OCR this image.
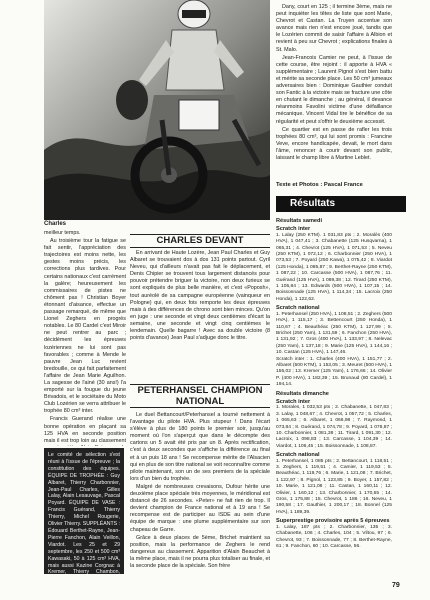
Charles

meilleur temps.

Au troisième tour la fatigue se fait sentir, l'appréciation des trajectoires est moins nette, les gestes moins précis, les corrections plus tardives. Pour certains nationaux c'est carrément la galère; heureusement les commissaires de pistes ne chôment pas ! Christian Boyer étonnant d'aisance, effectue un passage remarqué, de même que Lionel Zeghers en progrès notables. Le 80 Cardel c'est Miroir ne peut rentrer au parc ; décidément les épreuves lozériennes ne lui sont pas favorables ; comme à Mende le pauvre Jean Luc revient bredouille, ce qui fait parfaitement l'affaire de Jean Marie Aguilhon. La sagesse de l'ainé (30 ans!) l'a emporté sur la fougue du jeune Brivadois, et le sociétaire du Moto Club Lozérien se verra attribuer le trophée 80 cm³ inter.

Francis Guerand réalise une bonne opération en plaçant sa 125 HVA en seconde position mais il est trop loin au classement

Le comité de sélection s'est réuni à l'issue de l'épreuve ; la constitution des équipes. ÉQUIPE DE TROPHÉE : Guy Albaret, Thierry Charbonnier, Jean-Paul Charles, Gilles Lalay, Alain Lesauvage, Pascal Poyard. ÉQUIPE DE VASE : Francis Guérand, Thierry Thierry, Michel Rougerie, Olivier Thierry. SUPPLÉANTS : Édouard Berthet-Rayne, Jean-Pierre Fanchon, Alain Veillon, Viardot. Les 25 et 29 septembre, les 250 et 500 cm³ Kawasaki, 50 à 125 cm³ HVA, mais aussi Kazine Corgnac à Kremer, Thierry Chambon,

CHARLES DEVANT

En arrivant de Haute Lozère, Jean Paul Charles et Guy Albaret se trouvaient dos à dos 131 points partout. Cyril Neveu, qui d'ailleurs n'avait pas fait le déplacement, et Denis Chipier se trouvent tous largement distancés pour pouvoir prétendre briguer la victoire, non deux furieux se sont expliqués de plus belle manière, et c'est «Poposh», tout auréolé de sa campagne européenne (vainqueur en Pologne) qui, en deux fois remporte les deux épreuves mais à des différences de chrono sont bien minces. Qu'on en juge : une seconde et vingt deux centièmes d'écart la semaine, une seconde et vingt cinq centièmes le lendemain. Quelle bagarre ! Avec sa double victoire (8 points d'avance) Jean Paul s'adjuge donc le titre.

PETERHANSEL CHAMPION NATIONAL

Le duel Bettancourt/Peterhansel a tourné nettement à l'avantage du pilote HVA. Plus stupeur ! Dans l'écart s'élève à plus de 180 points le premier soir, jusqu'au moment où l'on s'aperçut que dans le décompte des cartons un 5 avait été pris par un 8. Après rectification, c'est à deux secondes que s'affiche la différence au final et à un puis 18 ans ! Se recompense mérite de l'Alsacien qui en plus de son titre national se voit reconnaître comme pilote maintenant, son un de ses premiers de la spéciale lors d'un bien du trophée.

Malgré de nombreuses crevaisons, Dufour hérite une deuxième place spéciale très moyennes, le méridional est distancé de 26 secondes. «Peter» ne fait rien de trop. Il devient champion de France national et à 19 ans ! Se recompense est de participer au ISDE au sein d'une équipe de marque : une plume supplémentaire sur son chapeau de Garre.

Grâce à deux places de 5ème, Brichet maintient sa position, mais la performance de Zeghers le rend dangereux au classement. Apparition d'Alain Beauchet à la même place, mais il ne pourra plus totaliser au finale, et la seconde place de la spéciale. Son frère

Dany, court en 125 ; il termine 3ème, mais ne peut inquiéter les têtes de liste que sont Marie, Chevrot et Castan. La Truyen accentue son avance mais rien n'est encore joué, tandis que le Lozérien commit de saisir l'affaire à Albion et revient à peu sur Chevrot ; explications finales à St. Malo.

Jean-Francois Camier ne peut, à l'issue de cette course, être rejoint : il apporte à HVA « supplémentaire ; Laurent Pignol s'est bien battu et mérite sa seconde place. Les 50 cm³ jumeaux adversaires bien : Dominique Gauthier conduit son Fantic à la victoire mais se fracture une côte en chutant le dimanche ; au général, il devance néanmoins Favolini victime d'une défaillance mécanique. Vincent Vidal tire le bénéfice de sa régularité et peut s'offrir le deuxième accessit.

Ce quartier est en passe de rafler les trois trophées 80 cm³, qui lui sont promis : Francine Veve, encore handicapée, devait, le mort dans l'âme, renoncer à courir devant son public, laissant le champ libre à Martine Leblet.

Texte et Photos : Pascal France
Résultats
Résultats samedi
Scratch inter
1. Lalay (250 KTM). 1 031,83 pts ; 2. Moralès (400 HVA), 1 047,41 ; 3. Chabanette (125 Husqvarna), 1 065,31 ; 4. Chevrot (125 HVA), 1 071,53 ; 5. Neveu (250 KTM), 1 072,12 ; 6. Charbonnier (250 HVA), 1 073,53 ; 7. Poyard (250 Kawa), 1 075,42 ; 8. Viardot (125 Honda), 1 085,87 ; 9. Berthet-Rayne (250 KTM), 1 087,22 ; 10. Carcasse (500 HVA), 1 087,76 ; 11. Guérand (125 HVA), 1 089,38 ; 12. Tirard (250 KTM), 1 105,84 ; 13. Edwards (500 HVA), 1 107,15 ; 14. Boissonnade (125 HVA), 1 114,34 ; 15. Lacroix (250 Honda), 1 122,62.
Scratch national
1. Peterhansel (250 HVA), 1 108,51 ; 2. Zeghers (500 HVA), 1 115,17 ; 3. Bettencourt (250 Honda), 1 110,67 ; 4. Beauthéac (250 KTM), 1 127,99 ; 5. Brichet (250 Yam), 1 131,59 ; 6. Fanchon (250 HVA), 1 131,92 ; 7. Gros (400 HVA), 1 133,97 ; 8. Nelevac (250 Yam), 1 137,18 ; 9. Marie (125 HVA), 1 144,16 ; 10. Castan (125 HVA), 1 147,46.
Scratch inter : 1. Charles (400 HVA), 1 151,77 ; 2. Albaret (500 KTM), 1 153,05 ; 3. Meuret (500 HVA), 1 155,02 ; 13. Kremer (125 Yam), 1 176,66 ; 14. Olivier P. (400 HVA), 1 182,39 ; 15. Brunaud (80 Cardel), 1 194,14.
Résultats dimanche
Scratch inter
1. Morales, 1 032,53 pts ; 2. Chabanette, 1 047,83 ; 3. Lalay, 1 048,67 ; 4. Chevrot, 1 057,72 ; 5. Charles, 1 065,63 ; 6. Albaret, 1 066,98 ; 7. Raymond, 1 073,84 ; 8. Guérand, 1 074,78 ; 9. Poyard, 1 078,87 ; 10. Charbonnier, 1 081,38 ; 11. Tirard, 1 091,30 ; 12. Lacroix, 1 098,83 ; 13. Carcasse, 1 104,39 ; 14. Viardot, 1 106,45 ; 15. Boissonnade, 1 108,87.
Scratch national
1. Peterhansel, 1 085 pts ; 2. Bettancourt, 1 118,51 ; 3. Zeghers, 1 119,51 ; 4. Camier, 1 119,53 ; 5. Beauthéac, 1 119,76 ; 6. Marie, 1 121,08 ; 7. Brichet, 1 122,97 ; 8. Pignol, 1 123,85 ; 9. Boyer, 1 157,82 ; 10. Marie, 1 121,08 ; 11. Castan, 1 160,11 ; 12. Olivier, 1 160,12 ; 13. Charbonnier, 1 170,55 ; 14. Gros, 1 175,88 ; 15. Chevrot, 1 186 ; 16. Neveu, 1 190,58 ; 17. Gauthier, 1 200,17 ; 18. Bonnel (125 HVA), 1 189,39.
Superprestige provisoire après 5 épreuves
1. Lalay, 187 pts ; 2. Charbonnier, 135 ; 3. Chabanette, 106 ; 4. Charles, 104 ; 5. Viltou, 97 ; 6. Chevrot, 93 ; 7. Boissonnade, 77 ; 8. Berthet-Rayne, 61 ; 9. Fanchon, 60 ; 10. Carcasse, 56.
79
